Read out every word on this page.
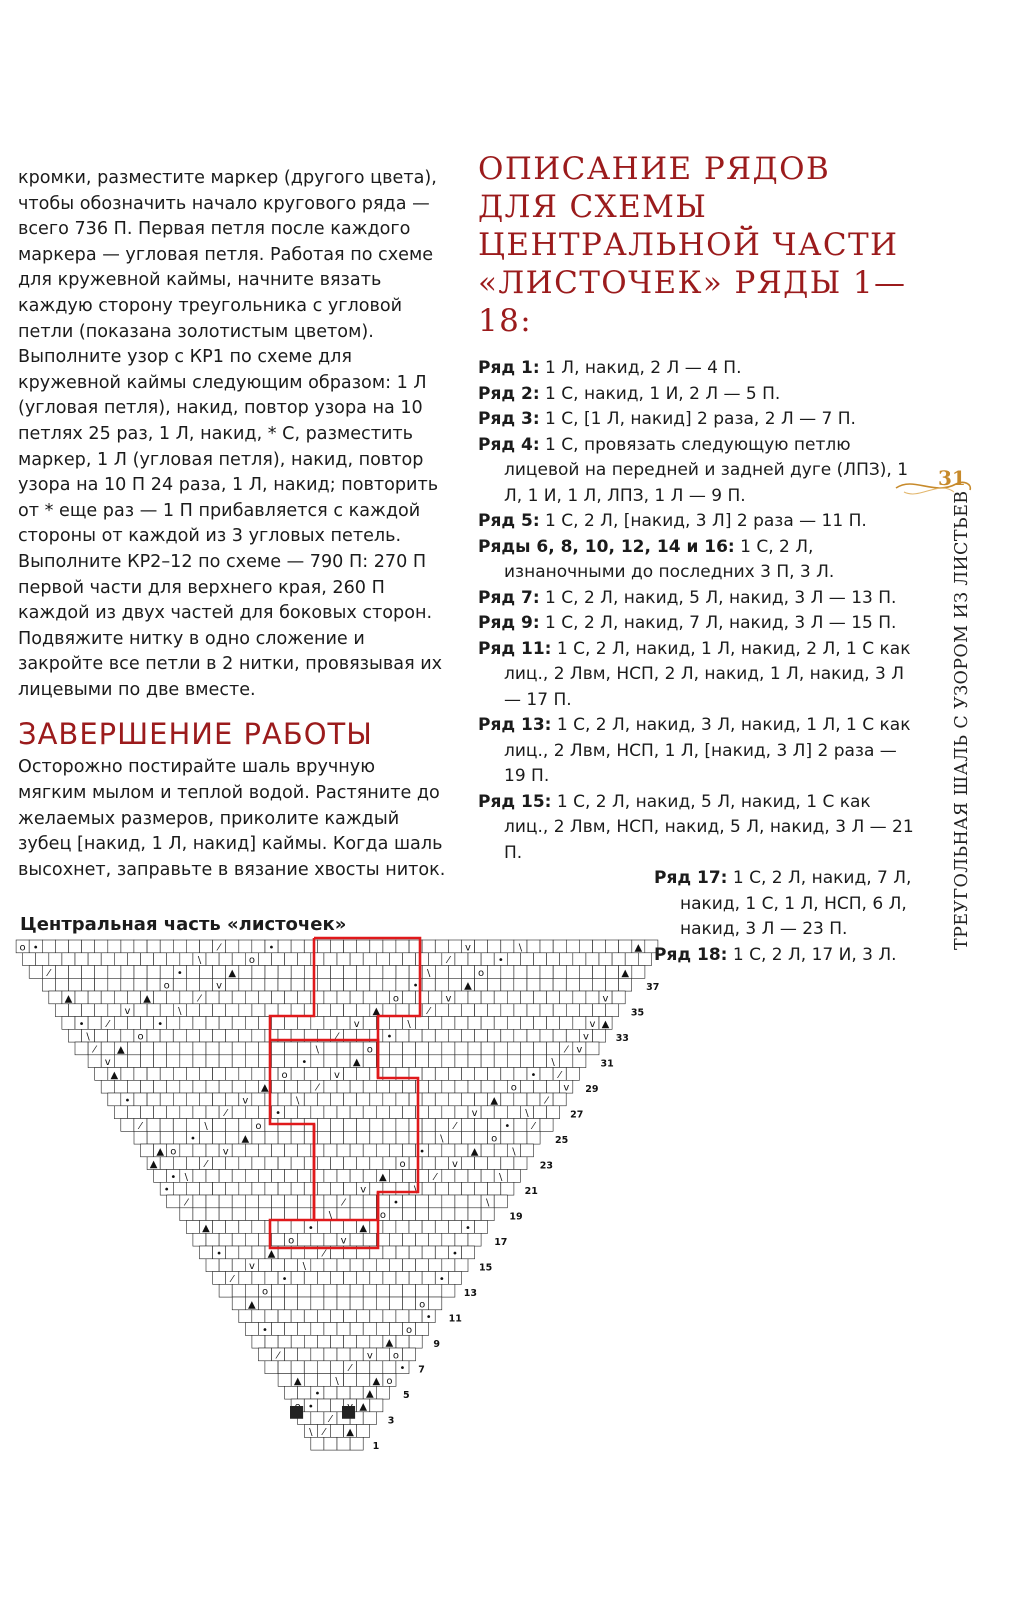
кромки, разместите маркер (другого цвета), чтобы обозначить начало кругового ряда — всего 736 П. Первая петля после каждого маркера — угловая петля. Работая по схеме для кружевной каймы, начните вязать каждую сторону треугольника с угловой петли (показана золотистым цветом). Выполните узор с КР1 по схеме для кружевной каймы следующим образом: 1 Л (угловая петля), накид, повтор узора на 10 петлях 25 раз, 1 Л, накид, * С, разместить маркер, 1 Л (угловая петля), накид, повтор узора на 10 П 24 раза, 1 Л, накид; повторить от * еще раз — 1 П прибавляется с каждой стороны от каждой из 3 угловых петель. Выполните КР2–12 по схеме — 790 П: 270 П первой части для верхнего края, 260 П каждой из двух частей для боковых сторон. Подвяжите нитку в одно сложение и закройте все петли в 2 нитки, провязывая их лицевыми по две вместе.

ЗАВЕРШЕНИЕ РАБОТЫ

Осторожно постирайте шаль вручную мягким мылом и теплой водой. Растяните до желаемых размеров, приколите каждый зубец [накид, 1 Л, накид] каймы. Когда шаль высохнет, заправьте в вязание хвосты ниток.

Центральная часть «листочек»
o •	⁄	•	v	\	▲
\	o	⁄	•
⁄	•	▲	\	o	▲
o	v	•	▲
▲	▲	⁄	o	v	v
v	\	▲	⁄
• ⁄	•	v	\	v ▲
\	o	⁄	•	v
⁄ ▲	\	o	⁄ v
v	•	▲	\
▲	o	v	• ⁄
▲	⁄	o	v
•	v	\	▲	⁄
⁄	•	v	\
⁄	\	o	⁄	• ⁄
•	▲	\	o
▲ o	v	•	▲	\
▲	⁄	o	v
• \	▲	⁄	\
•	v	\
⁄	⁄	•	\
\	o
▲	•	▲	•
o	v
•	▲	⁄	•
v	\
⁄	•	•
o
▲	o
•
•	o
▲
⁄	v o
⁄	•
▲	\	▲ o
•	▲
•	▲
⁄
\ ⁄ ▲
37
35
33
31
29
27
25
23
21
19
17
15
13
11
9
7
5
3
1
ОПИСАНИЕ РЯДОВ ДЛЯ СХЕМЫ ЦЕНТРАЛЬНОЙ ЧАСТИ «ЛИСТОЧЕК» РЯДЫ 1—18:

Ряд 1: 1 Л, накид, 2 Л — 4 П.

Ряд 2: 1 С, накид, 1 И, 2 Л — 5 П.

Ряд 3: 1 С, [1 Л, накид] 2 раза, 2 Л — 7 П.

Ряд 4: 1 С, провязать следующую петлю лицевой на передней и задней дуге (ЛПЗ), 1 Л, 1 И, 1 Л, ЛПЗ, 1 Л — 9 П.

Ряд 5: 1 С, 2 Л, [накид, 3 Л] 2 раза — 11 П.

Ряды 6, 8, 10, 12, 14 и 16: 1 С, 2 Л, изнаночными до последних 3 П, 3 Л.

Ряд 7: 1 С, 2 Л, накид, 5 Л, накид, 3 Л — 13 П.

Ряд 9: 1 С, 2 Л, накид, 7 Л, накид, 3 Л — 15 П.

Ряд 11: 1 С, 2 Л, накид, 1 Л, накид, 2 Л, 1 С как лиц., 2 Лвм, НСП, 2 Л, накид, 1 Л, накид, 3 Л — 17 П.

Ряд 13: 1 С, 2 Л, накид, 3 Л, накид, 1 Л, 1 С как лиц., 2 Лвм, НСП, 1 Л, [накид, 3 Л] 2 раза — 19 П.

Ряд 15: 1 С, 2 Л, накид, 5 Л, накид, 1 С как лиц., 2 Лвм, НСП, накид, 5 Л, накид, 3 Л — 21 П.

Ряд 17: 1 С, 2 Л, накид, 7 Л, накид, 1 С, 1 Л, НСП, 6 Л, накид, 3 Л — 23 П.

Ряд 18: 1 С, 2 Л, 17 И, 3 Л.

31
ТРЕУГОЛЬНАЯ ШАЛЬ С УЗОРОМ ИЗ ЛИСТЬЕВ
